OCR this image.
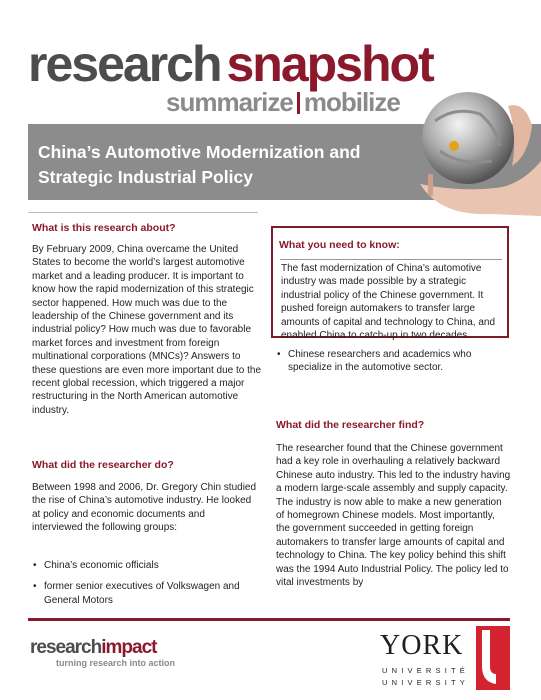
research snapshot
summarize mobilize
China’s Automotive Modernization and Strategic Industrial Policy
What is this research about?
By February 2009, China overcame the United States to become the world’s largest automotive market and a leading producer. It is important to know how the rapid modernization of this strategic sector happened. How much was due to the leadership of the Chinese government and its industrial policy? How much was due to favorable market forces and investment from foreign multinational corporations (MNCs)? Answers to these questions are even more important due to the recent global recession, which triggered a major restructuring in the North American automotive industry.
What did the researcher do?
Between 1998 and 2006, Dr. Gregory Chin studied the rise of China’s automotive industry. He looked at policy and economic documents and interviewed the following groups:
• China’s economic officials
• former senior executives of Volkswagen and General Motors
What you need to know:
The fast modernization of China’s automotive industry was made possible by a strategic industrial policy of the Chinese government. It pushed foreign automakers to transfer large amounts of capital and technology to China, and enabled China to catch-up in two decades.
• Chinese researchers and academics who specialize in the automotive sector.
What did the researcher find?
The researcher found that the Chinese government had a key role in overhauling a relatively backward Chinese auto industry. This led to the industry having a modern large-scale assembly and supply capacity. The industry is now able to make a new generation of homegrown Chinese models. Most importantly, the government succeeded in getting foreign automakers to transfer large amounts of capital and technology to China. The key policy behind this shift was the 1994 Auto Industrial Policy. The policy led to vital investments by
researchimpact
turning research into action
YORK
UNIVERSITÉ
UNIVERSITY
